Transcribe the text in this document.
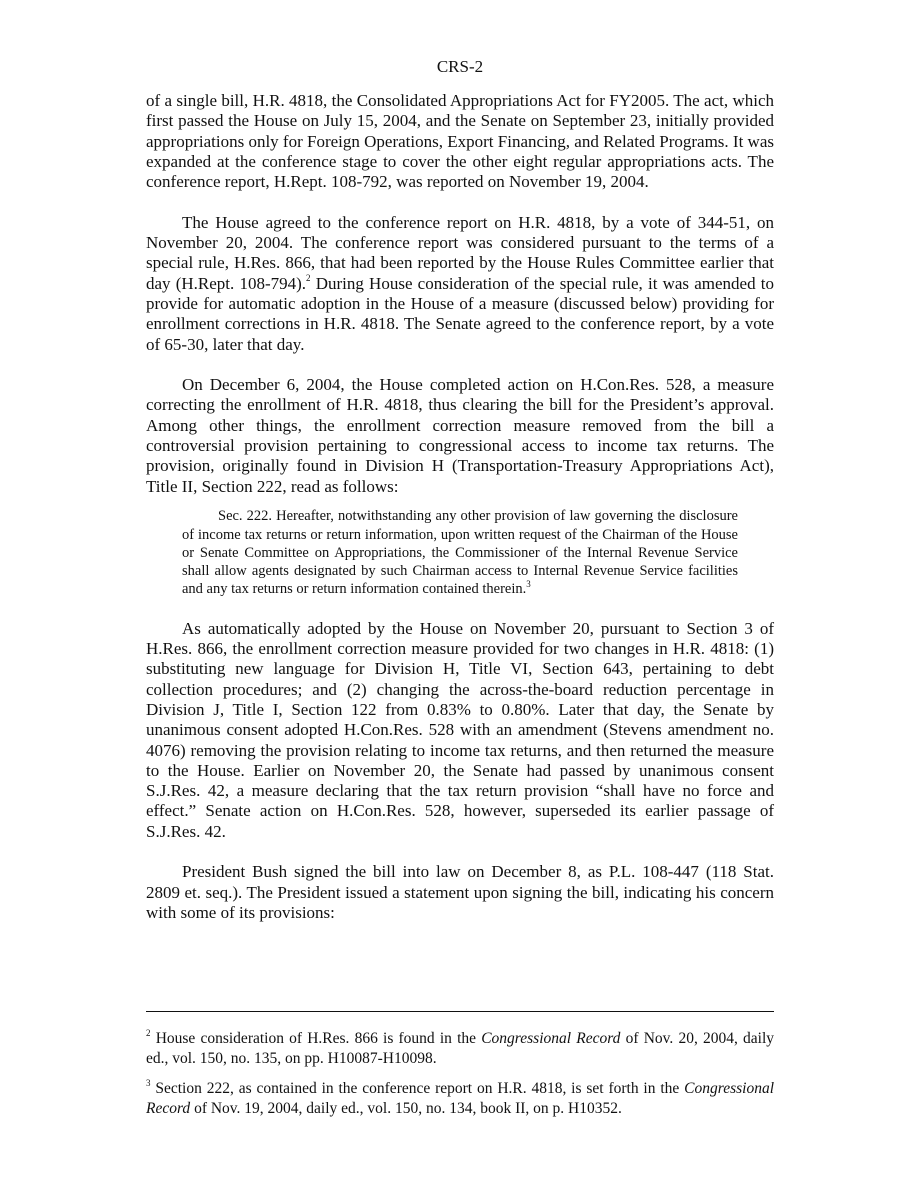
CRS-2

of a single bill, H.R. 4818, the Consolidated Appropriations Act for FY2005. The act, which first passed the House on July 15, 2004, and the Senate on September 23, initially provided appropriations only for Foreign Operations, Export Financing, and Related Programs. It was expanded at the conference stage to cover the other eight regular appropriations acts. The conference report, H.Rept. 108-792, was reported on November 19, 2004.

The House agreed to the conference report on H.R. 4818, by a vote of 344-51, on November 20, 2004. The conference report was considered pursuant to the terms of a special rule, H.Res. 866, that had been reported by the House Rules Committee earlier that day (H.Rept. 108-794).$^2$ During House consideration of the special rule, it was amended to provide for automatic adoption in the House of a measure (discussed below) providing for enrollment corrections in H.R. 4818. The Senate agreed to the conference report, by a vote of 65-30, later that day.

On December 6, 2004, the House completed action on H.Con.Res. 528, a measure correcting the enrollment of H.R. 4818, thus clearing the bill for the President’s approval. Among other things, the enrollment correction measure removed from the bill a controversial provision pertaining to congressional access to income tax returns. The provision, originally found in Division H (Transportation-Treasury Appropriations Act), Title II, Section 222, read as follows:

Sec. 222. Hereafter, notwithstanding any other provision of law governing the disclosure of income tax returns or return information, upon written request of the Chairman of the House or Senate Committee on Appropriations, the Commissioner of the Internal Revenue Service shall allow agents designated by such Chairman access to Internal Revenue Service facilities and any tax returns or return information contained therein.$^3$

As automatically adopted by the House on November 20, pursuant to Section 3 of H.Res. 866, the enrollment correction measure provided for two changes in H.R. 4818: (1) substituting new language for Division H, Title VI, Section 643, pertaining to debt collection procedures; and (2) changing the across-the-board reduction percentage in Division J, Title I, Section 122 from 0.83% to 0.80%. Later that day, the Senate by unanimous consent adopted H.Con.Res. 528 with an amendment (Stevens amendment no. 4076) removing the provision relating to income tax returns, and then returned the measure to the House. Earlier on November 20, the Senate had passed by unanimous consent S.J.Res. 42, a measure declaring that the tax return provision “shall have no force and effect.” Senate action on H.Con.Res. 528, however, superseded its earlier passage of S.J.Res. 42.

President Bush signed the bill into law on December 8, as P.L. 108-447 (118 Stat. 2809 et. seq.). The President issued a statement upon signing the bill, indicating his concern with some of its provisions:

$^2$ House consideration of H.Res. 866 is found in the Congressional Record of Nov. 20, 2004, daily ed., vol. 150, no. 135, on pp. H10087-H10098.

$^3$ Section 222, as contained in the conference report on H.R. 4818, is set forth in the Congressional Record of Nov. 19, 2004, daily ed., vol. 150, no. 134, book II, on p. H10352.
